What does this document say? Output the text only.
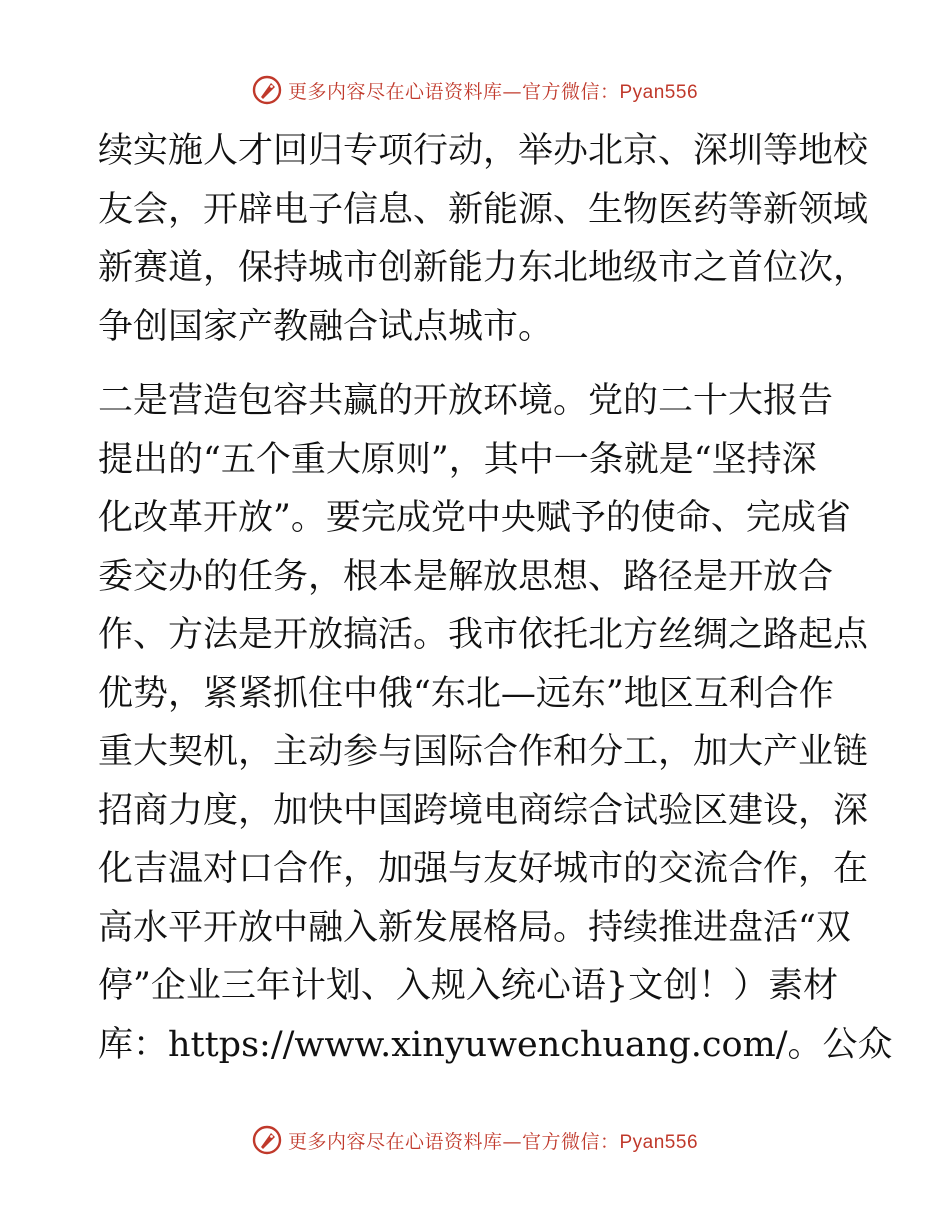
更多内容尽在心语资料库—官方微信：Pyan556
续实施人才回归专项行动，举办北京、深圳等地校
友会，开辟电子信息、新能源、生物医药等新领域
新赛道，保持城市创新能力东北地级市之首位次，
争创国家产教融合试点城市。
二是营造包容共赢的开放环境。党的二十大报告
提出的“五个重大原则”，其中一条就是“坚持深
化改革开放”。要完成党中央赋予的使命、完成省
委交办的任务，根本是解放思想、路径是开放合
作、方法是开放搞活。我市依托北方丝绸之路起点
优势，紧紧抓住中俄“东北—远东”地区互利合作
重大契机，主动参与国际合作和分工，加大产业链
招商力度，加快中国跨境电商综合试验区建设，深
化吉温对口合作，加强与友好城市的交流合作，在
高水平开放中融入新发展格局。持续推进盘活“双
停”企业三年计划、入规入统心语}文创！）素材
库：https://www.xinyuwenchuang.com/。公众
更多内容尽在心语资料库—官方微信：Pyan556
